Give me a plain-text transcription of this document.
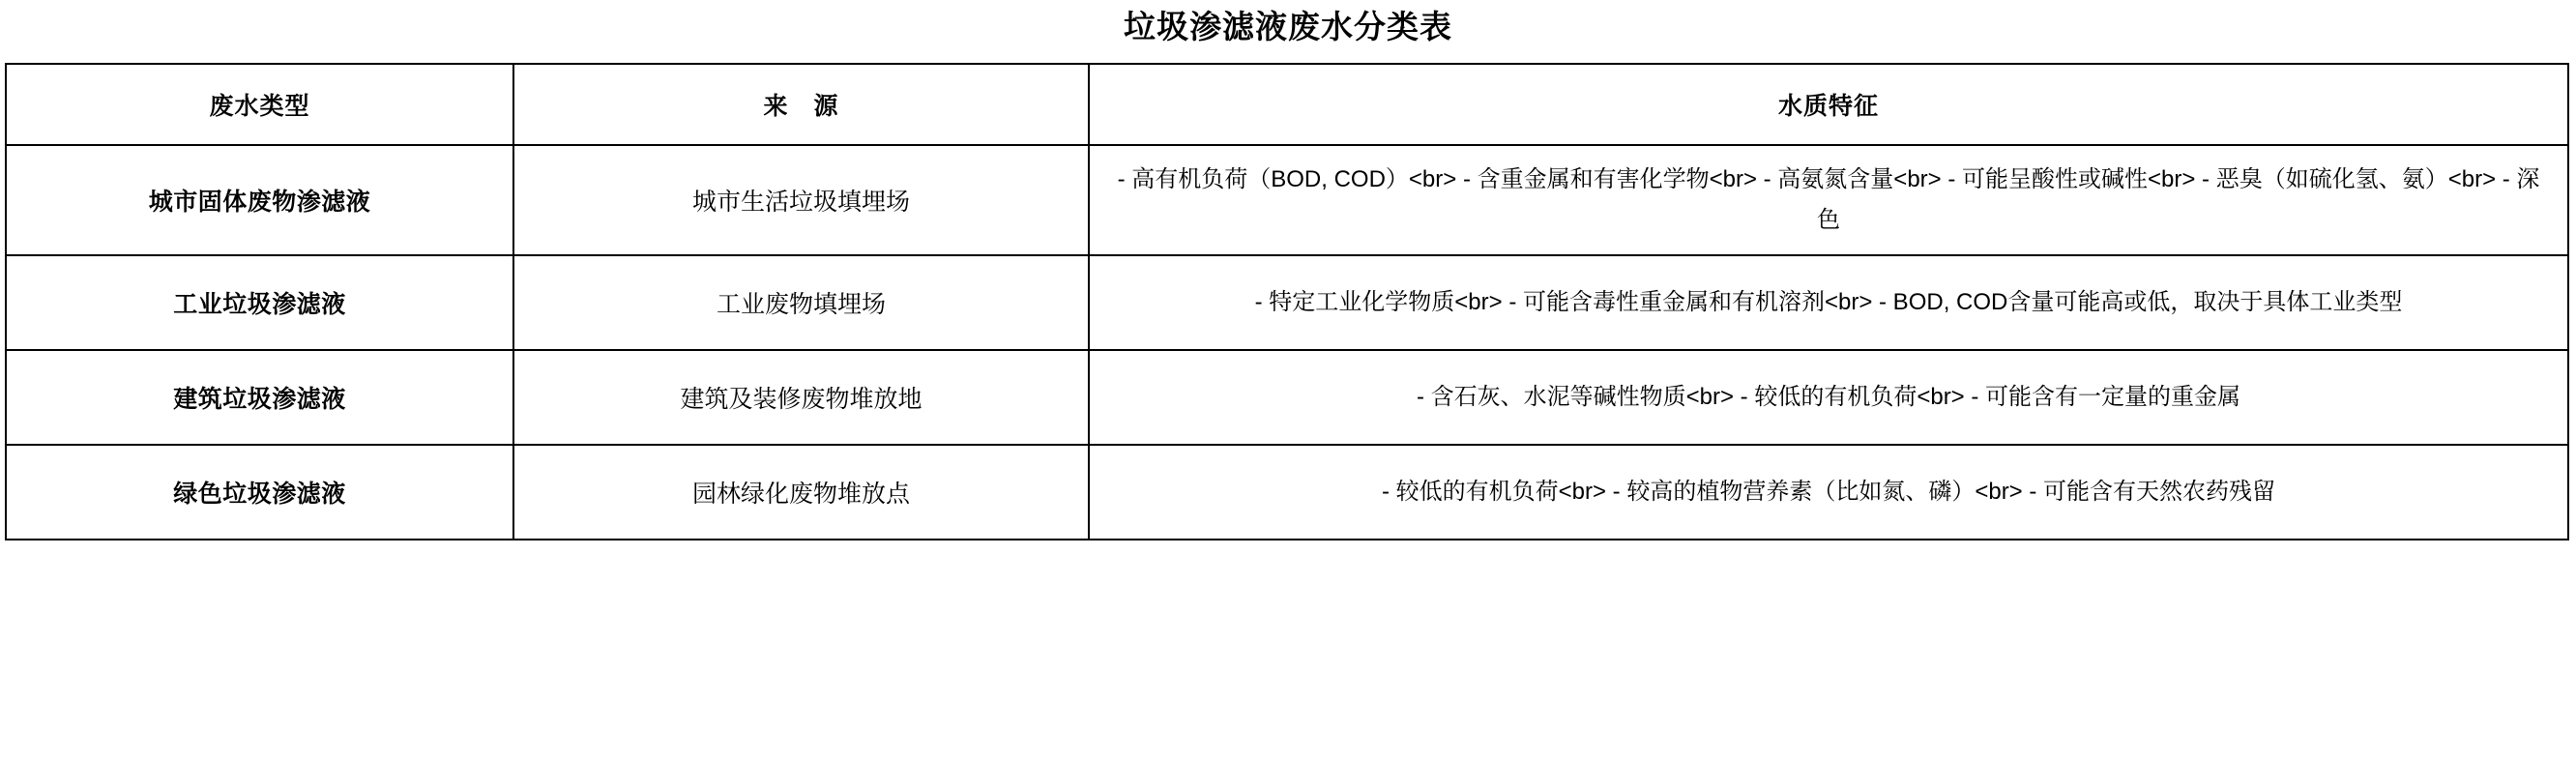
垃圾渗滤液废水分类表
废水类型	来　源	水质特征
城市固体废物渗滤液	城市生活垃圾填埋场	- 高有机负荷（BOD, COD）<br> - 含重金属和有害化学物<br> - 高氨氮含量<br> - 可能呈酸性或碱性<br> - 恶臭（如硫化氢、氨）<br> - 深色
工业垃圾渗滤液	工业废物填埋场	- 特定工业化学物质<br> - 可能含毒性重金属和有机溶剂<br> - BOD, COD含量可能高或低，取决于具体工业类型
建筑垃圾渗滤液	建筑及装修废物堆放地	- 含石灰、水泥等碱性物质<br> - 较低的有机负荷<br> - 可能含有一定量的重金属
绿色垃圾渗滤液	园林绿化废物堆放点	- 较低的有机负荷<br> - 较高的植物营养素（比如氮、磷）<br> - 可能含有天然农药残留
